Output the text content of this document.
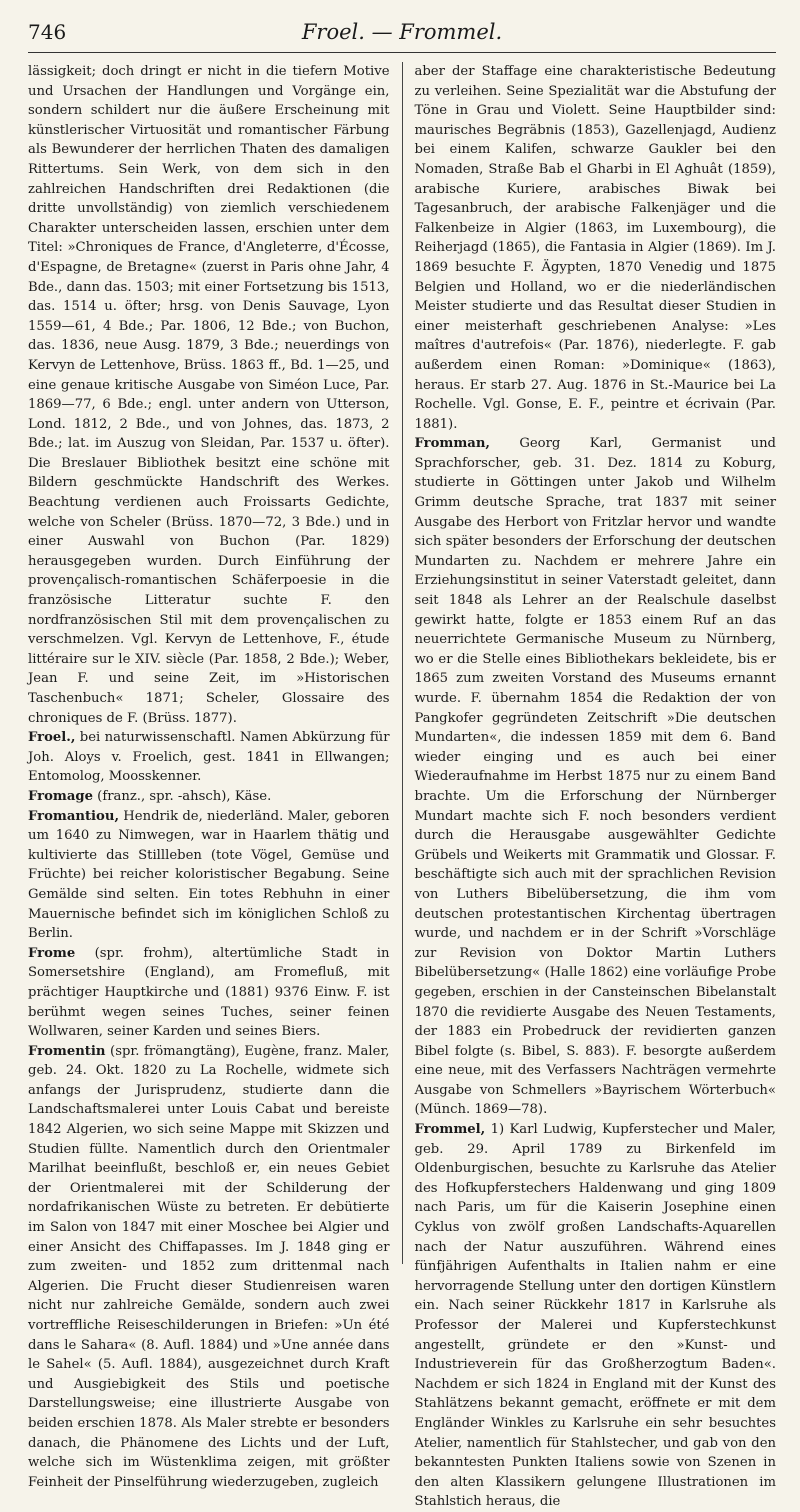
746	Froel. — Frommel.

lässigkeit; doch dringt er nicht in die tiefern Motive und Ursachen der Handlungen und Vorgänge ein, sondern schildert nur die äußere Erscheinung mit künstlerischer Virtuosität und romantischer Färbung als Bewunderer der herrlichen Thaten des damaligen Rittertums. Sein Werk, von dem sich in den zahlreichen Handschriften drei Redaktionen (die dritte unvollständig) von ziemlich verschiedenem Charakter unterscheiden lassen, erschien unter dem Titel: »Chroniques de France, d'Angleterre, d'Écosse, d'Espagne, de Bretagne« (zuerst in Paris ohne Jahr, 4 Bde., dann das. 1503; mit einer Fortsetzung bis 1513, das. 1514 u. öfter; hrsg. von Denis Sauvage, Lyon 1559—61, 4 Bde.; Par. 1806, 12 Bde.; von Buchon, das. 1836, neue Ausg. 1879, 3 Bde.; neuerdings von Kervyn de Lettenhove, Brüss. 1863 ff., Bd. 1—25, und eine genaue kritische Ausgabe von Siméon Luce, Par. 1869—77, 6 Bde.; engl. unter andern von Utterson, Lond. 1812, 2 Bde., und von Johnes, das. 1873, 2 Bde.; lat. im Auszug von Sleidan, Par. 1537 u. öfter). Die Breslauer Bibliothek besitzt eine schöne mit Bildern geschmückte Handschrift des Werkes. Beachtung verdienen auch Froissarts Gedichte, welche von Scheler (Brüss. 1870—72, 3 Bde.) und in einer Auswahl von Buchon (Par. 1829) herausgegeben wurden. Durch Einführung der provençalisch-romantischen Schäferpoesie in die französische Litteratur suchte F. den nordfranzösischen Stil mit dem provençalischen zu verschmelzen. Vgl. Kervyn de Lettenhove, F., étude littéraire sur le XIV. siècle (Par. 1858, 2 Bde.); Weber, Jean F. und seine Zeit, im »Historischen Taschenbuch« 1871; Scheler, Glossaire des chroniques de F. (Brüss. 1877).

Froel., bei naturwissenschaftl. Namen Abkürzung für Joh. Aloys v. Froelich, gest. 1841 in Ellwangen; Entomolog, Moosskenner.

Fromage (franz., spr. -ahsch), Käse.

Fromantiou, Hendrik de, niederländ. Maler, geboren um 1640 zu Nimwegen, war in Haarlem thätig und kultivierte das Stillleben (tote Vögel, Gemüse und Früchte) bei reicher koloristischer Begabung. Seine Gemälde sind selten. Ein totes Rebhuhn in einer Mauernische befindet sich im königlichen Schloß zu Berlin.

Frome (spr. frohm), altertümliche Stadt in Somersetshire (England), am Fromefluß, mit prächtiger Hauptkirche und (1881) 9376 Einw. F. ist berühmt wegen seines Tuches, seiner feinen Wollwaren, seiner Karden und seines Biers.

Fromentin (spr. frömangtäng), Eugène, franz. Maler, geb. 24. Okt. 1820 zu La Rochelle, widmete sich anfangs der Jurisprudenz, studierte dann die Landschaftsmalerei unter Louis Cabat und bereiste 1842 Algerien, wo sich seine Mappe mit Skizzen und Studien füllte. Namentlich durch den Orientmaler Marilhat beeinflußt, beschloß er, ein neues Gebiet der Orientmalerei mit der Schilderung der nordafrikanischen Wüste zu betreten. Er debütierte im Salon von 1847 mit einer Moschee bei Algier und einer Ansicht des Chiffapasses. Im J. 1848 ging er zum zweiten- und 1852 zum drittenmal nach Algerien. Die Frucht dieser Studienreisen waren nicht nur zahlreiche Gemälde, sondern auch zwei vortreffliche Reiseschilderungen in Briefen: »Un été dans le Sahara« (8. Aufl. 1884) und »Une année dans le Sahel« (5. Aufl. 1884), ausgezeichnet durch Kraft und Ausgiebigkeit des Stils und poetische Darstellungsweise; eine illustrierte Ausgabe von beiden erschien 1878. Als Maler strebte er besonders danach, die Phänomene des Lichts und der Luft, welche sich im Wüstenklima zeigen, mit größter Feinheit der Pinselführung wiederzugeben, zugleich

aber der Staffage eine charakteristische Bedeutung zu verleihen. Seine Spezialität war die Abstufung der Töne in Grau und Violett. Seine Hauptbilder sind: maurisches Begräbnis (1853), Gazellenjagd, Audienz bei einem Kalifen, schwarze Gaukler bei den Nomaden, Straße Bab el Gharbi in El Aghuât (1859), arabische Kuriere, arabisches Biwak bei Tagesanbruch, der arabische Falkenjäger und die Falkenbeize in Algier (1863, im Luxembourg), die Reiherjagd (1865), die Fantasia in Algier (1869). Im J. 1869 besuchte F. Ägypten, 1870 Venedig und 1875 Belgien und Holland, wo er die niederländischen Meister studierte und das Resultat dieser Studien in einer meisterhaft geschriebenen Analyse: »Les maîtres d'autrefois« (Par. 1876), niederlegte. F. gab außerdem einen Roman: »Dominique« (1863), heraus. Er starb 27. Aug. 1876 in St.-Maurice bei La Rochelle. Vgl. Gonse, E. F., peintre et écrivain (Par. 1881).

Fromman, Georg Karl, Germanist und Sprachforscher, geb. 31. Dez. 1814 zu Koburg, studierte in Göttingen unter Jakob und Wilhelm Grimm deutsche Sprache, trat 1837 mit seiner Ausgabe des Herbort von Fritzlar hervor und wandte sich später besonders der Erforschung der deutschen Mundarten zu. Nachdem er mehrere Jahre ein Erziehungsinstitut in seiner Vaterstadt geleitet, dann seit 1848 als Lehrer an der Realschule daselbst gewirkt hatte, folgte er 1853 einem Ruf an das neuerrichtete Germanische Museum zu Nürnberg, wo er die Stelle eines Bibliothekars bekleidete, bis er 1865 zum zweiten Vorstand des Museums ernannt wurde. F. übernahm 1854 die Redaktion der von Pangkofer gegründeten Zeitschrift »Die deutschen Mundarten«, die indessen 1859 mit dem 6. Band wieder einging und es auch bei einer Wiederaufnahme im Herbst 1875 nur zu einem Band brachte. Um die Erforschung der Nürnberger Mundart machte sich F. noch besonders verdient durch die Herausgabe ausgewählter Gedichte Grübels und Weikerts mit Grammatik und Glossar. F. beschäftigte sich auch mit der sprachlichen Revision von Luthers Bibelübersetzung, die ihm vom deutschen protestantischen Kirchentag übertragen wurde, und nachdem er in der Schrift »Vorschläge zur Revision von Doktor Martin Luthers Bibelübersetzung« (Halle 1862) eine vorläufige Probe gegeben, erschien in der Cansteinschen Bibelanstalt 1870 die revidierte Ausgabe des Neuen Testaments, der 1883 ein Probedruck der revidierten ganzen Bibel folgte (s. Bibel, S. 883). F. besorgte außerdem eine neue, mit des Verfassers Nachträgen vermehrte Ausgabe von Schmellers »Bayrischem Wörterbuch« (Münch. 1869—78).

Frommel, 1) Karl Ludwig, Kupferstecher und Maler, geb. 29. April 1789 zu Birkenfeld im Oldenburgischen, besuchte zu Karlsruhe das Atelier des Hofkupferstechers Haldenwang und ging 1809 nach Paris, um für die Kaiserin Josephine einen Cyklus von zwölf großen Landschafts-Aquarellen nach der Natur auszuführen. Während eines fünfjährigen Aufenthalts in Italien nahm er eine hervorragende Stellung unter den dortigen Künstlern ein. Nach seiner Rückkehr 1817 in Karlsruhe als Professor der Malerei und Kupferstechkunst angestellt, gründete er den »Kunst- und Industrieverein für das Großherzogtum Baden«. Nachdem er sich 1824 in England mit der Kunst des Stahlätzens bekannt gemacht, eröffnete er mit dem Engländer Winkles zu Karlsruhe ein sehr besuchtes Atelier, namentlich für Stahlstecher, und gab von den bekanntesten Punkten Italiens sowie von Szenen in den alten Klassikern gelungene Illustrationen im Stahlstich heraus, die
